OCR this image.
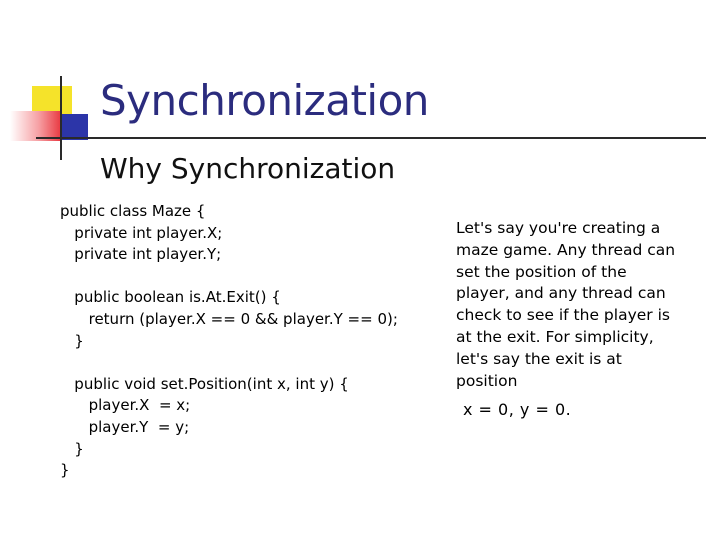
Synchronization
Why Synchronization
public class Maze {
private int player.X;
private int player.Y;
public boolean is.At.Exit() {
return (player.X == 0 && player.Y == 0);
}
public void set.Position(int x, int y) {
player.X  = x;
player.Y  = y;
}
}
Let's say you're creating a maze game. Any thread can set the position of the player, and any thread can check to see if the player is at the exit. For simplicity, let's say the exit is at position
x = 0, y = 0.
